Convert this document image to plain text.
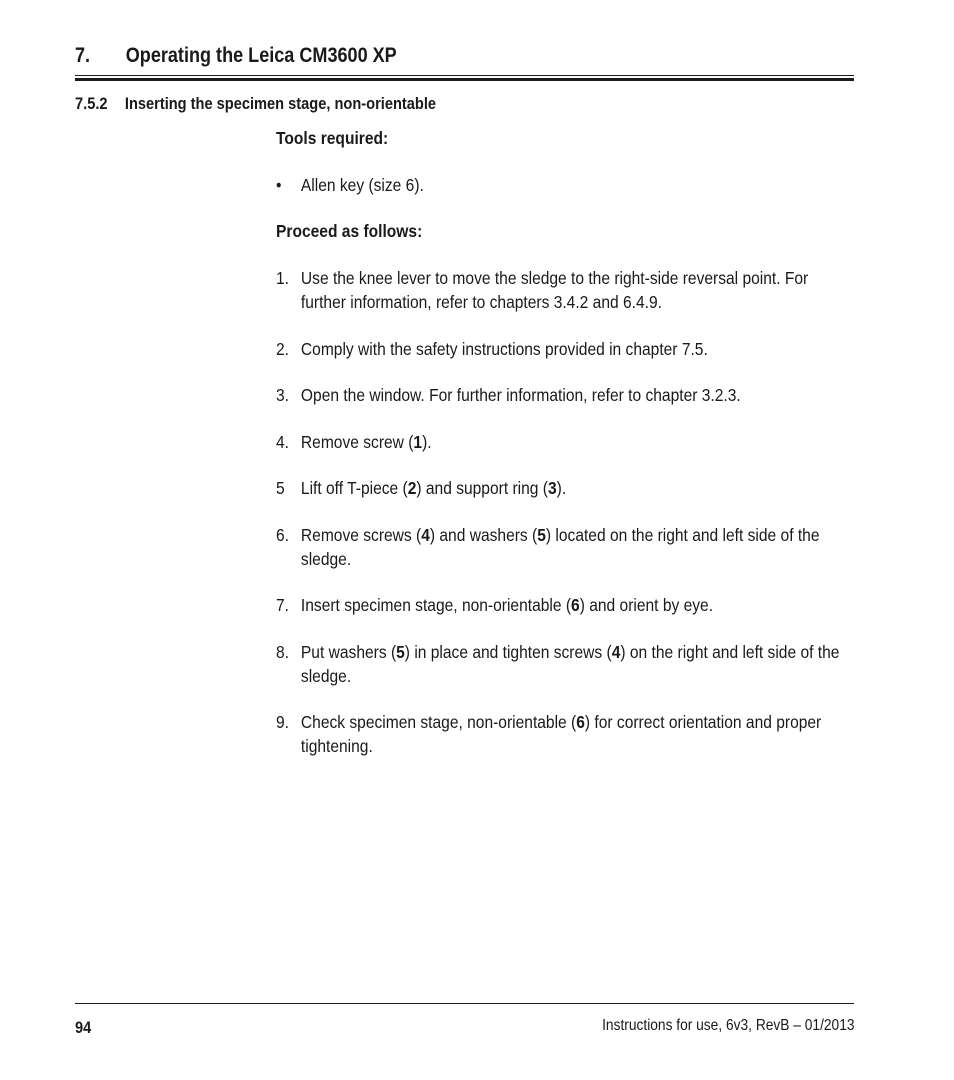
7. Operating the Leica CM3600 XP
7.5.2 Inserting the specimen stage, non-orientable

Tools required:

• Allen key (size 6).

Proceed as follows:

1. Use the knee lever to move the sledge to the right-side reversal point. For further information, refer to chapters 3.4.2 and 6.4.9.
2. Comply with the safety instructions provided in chapter 7.5.
3. Open the window. For further information, refer to chapter 3.2.3.
4. Remove screw (1).
5 Lift off T-piece (2) and support ring (3).
6. Remove screws (4) and washers (5) located on the right and left side of the sledge.
7. Insert specimen stage, non-orientable (6) and orient by eye.
8. Put washers (5) in place and tighten screws (4) on the right and left side of the sledge.
9. Check specimen stage, non-orientable (6) for correct orientation and proper tightening.
94	Instructions for use, 6v3, RevB – 01/2013
